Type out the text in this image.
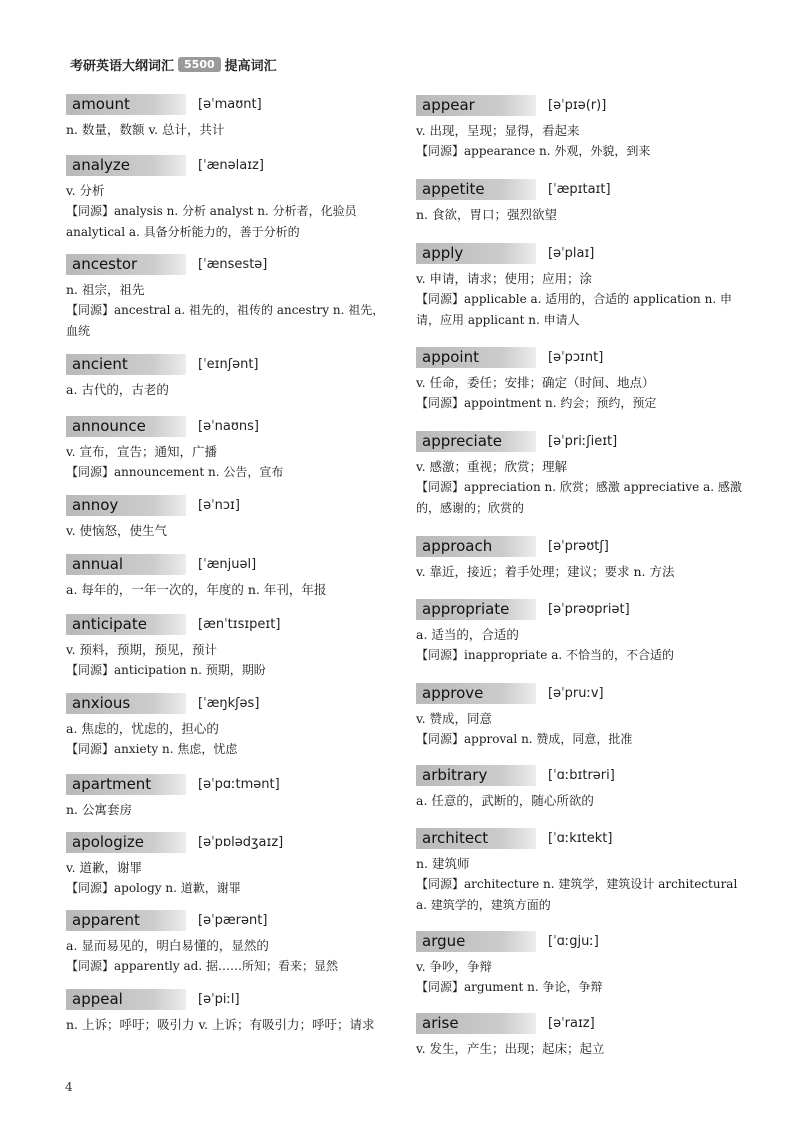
考研英语大纲词汇 5500 提高词汇
amount	[əˈmaʊnt]
n. 数量，数额 v. 总计，共计
analyze	[ˈænəlaɪz]
v. 分析
【同源】analysis n. 分析 analyst n. 分析者，化验员 analytical a. 具备分析能力的，善于分析的
ancestor	[ˈænsestə]
n. 祖宗，祖先
【同源】ancestral a. 祖先的，祖传的 ancestry n. 祖先，血统
ancient	[ˈeɪnʃənt]
a. 古代的，古老的
announce	[əˈnaʊns]
v. 宣布，宣告；通知，广播
【同源】announcement n. 公告，宣布
annoy	[əˈnɔɪ]
v. 使恼怒，使生气
annual	[ˈænjuəl]
a. 每年的，一年一次的，年度的 n. 年刊，年报
anticipate	[ænˈtɪsɪpeɪt]
v. 预料，预期，预见，预计
【同源】anticipation n. 预期，期盼
anxious	[ˈæŋkʃəs]
a. 焦虑的，忧虑的，担心的
【同源】anxiety n. 焦虑，忧虑
apartment	[əˈpɑːtmənt]
n. 公寓套房
apologize	[əˈpɒlədʒaɪz]
v. 道歉，谢罪
【同源】apology n. 道歉，谢罪
apparent	[əˈpærənt]
a. 显而易见的，明白易懂的，显然的
【同源】apparently ad. 据……所知；看来；显然
appeal	[əˈpiːl]
n. 上诉；呼吁；吸引力 v. 上诉；有吸引力；呼吁；请求
appear	[əˈpɪə(r)]
v. 出现，呈现；显得，看起来
【同源】appearance n. 外观，外貌，到来
appetite	[ˈæpɪtaɪt]
n. 食欲，胃口；强烈欲望
apply	[əˈplaɪ]
v. 申请，请求；使用；应用；涂
【同源】applicable a. 适用的，合适的 application n. 申请，应用 applicant n. 申请人
appoint	[əˈpɔɪnt]
v. 任命，委任；安排；确定（时间、地点）
【同源】appointment n. 约会；预约，预定
appreciate	[əˈpriːʃieɪt]
v. 感激；重视；欣赏；理解
【同源】appreciation n. 欣赏；感激 appreciative a. 感激的，感谢的；欣赏的
approach	[əˈprəʊtʃ]
v. 靠近，接近；着手处理；建议；要求 n. 方法
appropriate	[əˈprəʊpriət]
a. 适当的，合适的
【同源】inappropriate a. 不恰当的，不合适的
approve	[əˈpruːv]
v. 赞成，同意
【同源】approval n. 赞成，同意，批准
arbitrary	[ˈɑːbɪtrəri]
a. 任意的，武断的，随心所欲的
architect	[ˈɑːkɪtekt]
n. 建筑师
【同源】architecture n. 建筑学，建筑设计 architectural a. 建筑学的，建筑方面的
argue	[ˈɑːgjuː]
v. 争吵，争辩
【同源】argument n. 争论，争辩
arise	[əˈraɪz]
v. 发生，产生；出现；起床；起立
4
